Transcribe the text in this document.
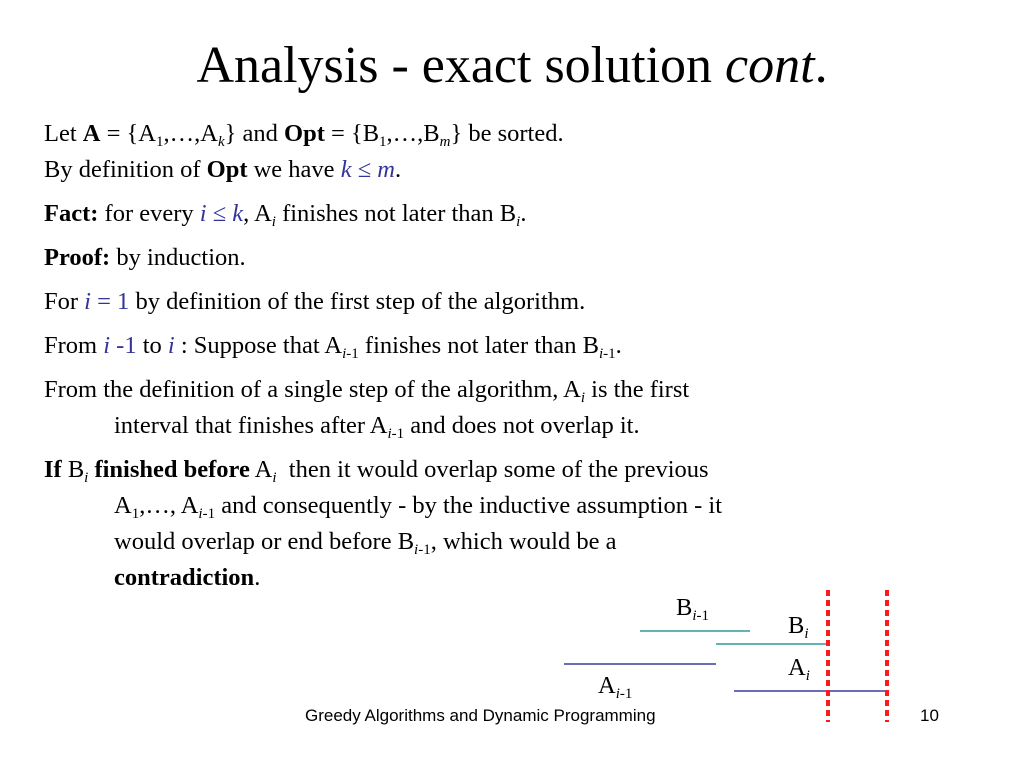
Analysis - exact solution cont.
Let $A = \{A_1,\dots,A_k\}$ and Opt = $\{B_1,\dots,B_m\}$ be sorted.
By definition of Opt we have k ≤ m.
Fact: for every i ≤ k, $A_i$ finishes not later than $B_i$.
Proof: by induction.
For i = 1 by definition of the first step of the algorithm.
From i -1 to i : Suppose that $A_{i-1}$ finishes not later than $B_{i-1}$.
From the definition of a single step of the algorithm, $A_i$ is the first
interval that finishes after $A_{i-1}$ and does not overlap it.
If $B_i$ finished before $A_i$  then it would overlap some of the previous
$A_1,\dots$, $A_{i-1}$ and consequently - by the inductive assumption - it
would overlap or end before $B_{i-1}$, which would be a
contradiction.
$B_{i-1}$	$B_i$
$A_i$
$A_{i-1}$
Greedy Algorithms and Dynamic Programming	10
